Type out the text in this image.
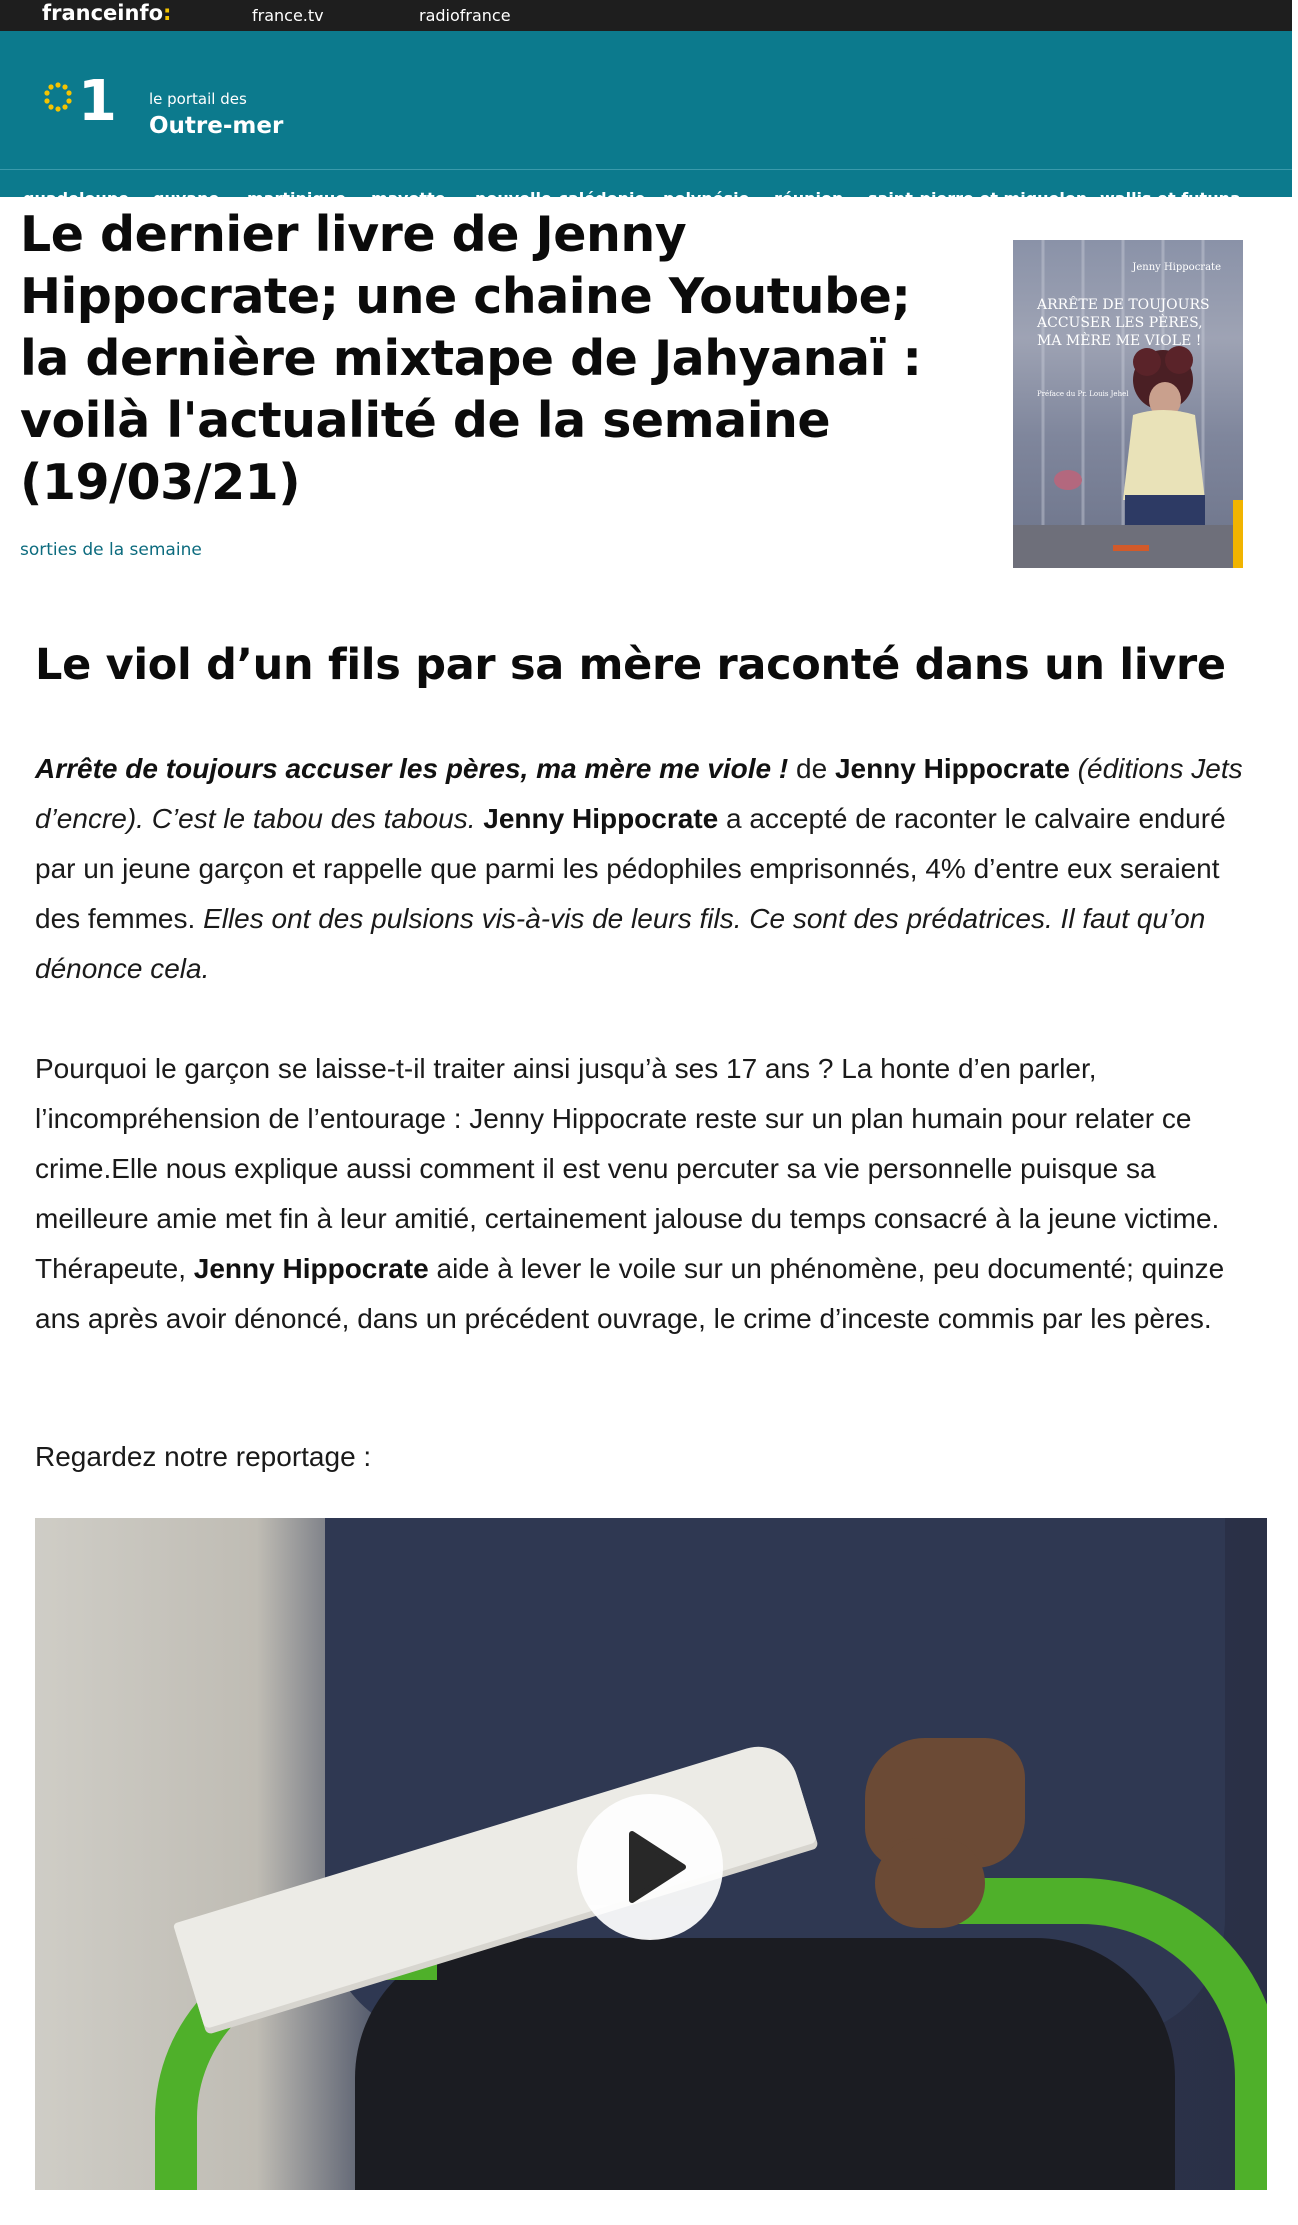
franceinfo:	france.tv	radiofrance
1 le portail des
Outre-mer
guadeloupe guyane martinique mayotte nouvelle-calédonie polynésie réunion saint-pierre et miquelon wallis et futuna
Le dernier livre de Jenny Hippocrate; une chaine Youtube; la dernière mixtape de Jahyanaï : voilà l'actualité de la semaine (19/03/21)
sorties de la semaine
Jenny Hippocrate
ARRÊTE DE TOUJOURS ACCUSER LES PÈRES, MA MÈRE ME VIOLE !
Préface du Pr. Louis Jehel
Le viol d’un fils par sa mère raconté dans un livre

Arrête de toujours accuser les pères, ma mère me viole ! de Jenny Hippocrate (éditions Jets d’encre). C’est le tabou des tabous. Jenny Hippocrate a accepté de raconter le calvaire enduré par un jeune garçon et rappelle que parmi les pédophiles emprisonnés, 4% d’entre eux seraient des femmes. Elles ont des pulsions vis-à-vis de leurs fils. Ce sont des prédatrices. Il faut qu’on dénonce cela.

Pourquoi le garçon se laisse-t-il traiter ainsi jusqu’à ses 17 ans ? La honte d’en parler, l’incompréhension de l’entourage : Jenny Hippocrate reste sur un plan humain pour relater ce crime.Elle nous explique aussi comment il est venu percuter sa vie personnelle puisque sa meilleure amie met fin à leur amitié, certainement jalouse du temps consacré à la jeune victime. Thérapeute, Jenny Hippocrate aide à lever le voile sur un phénomène, peu documenté; quinze ans après avoir dénoncé, dans un précédent ouvrage, le crime d’inceste commis par les pères.

Regardez notre reportage :
